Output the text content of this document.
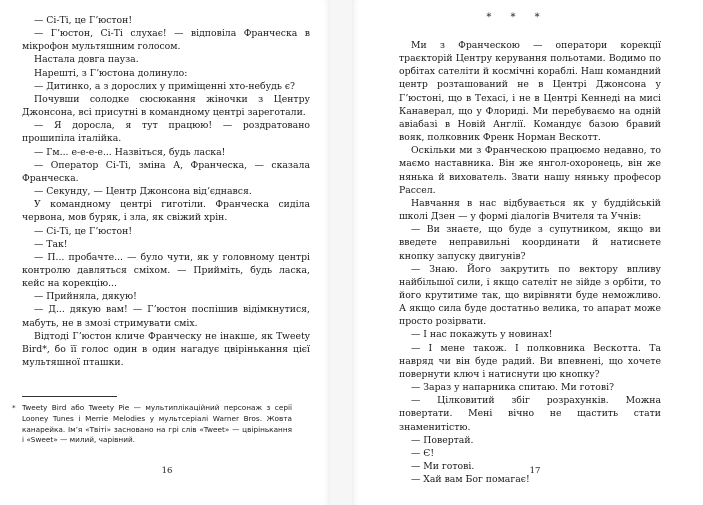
— Сі-Ті, це Гʼюстон!

— Гʼюстон, Сі-Ті слухає! — відповіла Франческа в мікрофон мультяшним голосом.

Настала довга пауза.

Нарешті, з Гʼюстона долинуло:

— Дитинко, а з дорослих у приміщенні хто-небудь є?

Почувши солодке сюсюкання жіночки з Центру Джонсона, всі присутні в командному центрі зареготали.

— Я доросла, я тут працюю! — роздратовано прошипіла італійка.

— Гм... е-е-е-е... Назвіться, будь ласка!

— Оператор Сі-Ті, зміна А, Франческа, — сказала Франческа.

— Секунду, — Центр Джонсона відʼєднався.

У командному центрі гиготіли. Франческа сиділа червона, мов буряк, і зла, як свіжий хрін.

— Сі-Ті, це Гʼюстон!

— Так!

— П... пробачте... — було чути, як у головному центрі контролю давляться сміхом. — Прийміть, будь ласка, кейс на корекцію...

— Прийняла, дякую!

— Д... дякую вам! — Гʼюстон поспішив відімкнутися, мабуть, не в змозі стримувати сміх.

Відтоді Гʼюстон кличе Франческу не інакше, як Tweety Bird*, бо її голос один в один нагадує цвірінькання цієї мультяшної пташки.

* Tweety Bird або Tweety Pie — мультиплікаційний персонаж з серії Looney Tunes і Merrie Melodies у мультсеріалі Warner Bros. Жовта канарейка. Імʼя «Твіті» засновано на грі слів «Tweet» — цвірінькання і «Sweet» — милий, чарівний.
16
* * *

Ми з Франческою — оператори корекції траєкторій Центру керування польотами. Водимо по орбітах сателіти й космічні кораблі. Наш командний центр розташований не в Центрі Джонсона у Гʼюстоні, що в Техасі, і не в Центрі Кеннеді на мисі Канаверал, що у Флориді. Ми перебуваємо на одній авіабазі в Новій Англії. Командує базою бравий вояк, полковник Френк Норман Вескотт.

Оскільки ми з Франческою працюємо недавно, то маємо наставника. Він же янгол-охоронець, він же нянька й вихователь. Звати нашу няньку професор Рассел.

Навчання в нас відбувається як у буддійській школі Дзен — у формі діалогів Вчителя та Учнів:

— Ви знаєте, що буде з супутником, якщо ви введете неправильні координати й натиснете кнопку запуску двигунів?

— Знаю. Його закрутить по вектору впливу найбільшої сили, і якщо сателіт не зійде з орбіти, то його крутитиме так, що вирівняти буде неможливо. А якщо сила буде достатньо велика, то апарат може просто розірвати.

— І нас покажуть у новинах!

— І мене також. І полковника Вескотта. Та навряд чи він буде радий. Ви впевнені, що хочете повернути ключ і натиснути цю кнопку?

— Зараз у напарника спитаю. Ми готові?

— Цілковитий збіг розрахунків. Можна повертати. Мені вічно не щастить стати знаменитістю.

— Повертай.

— Є!

— Ми готові.

— Хай вам Бог помагає!

17
